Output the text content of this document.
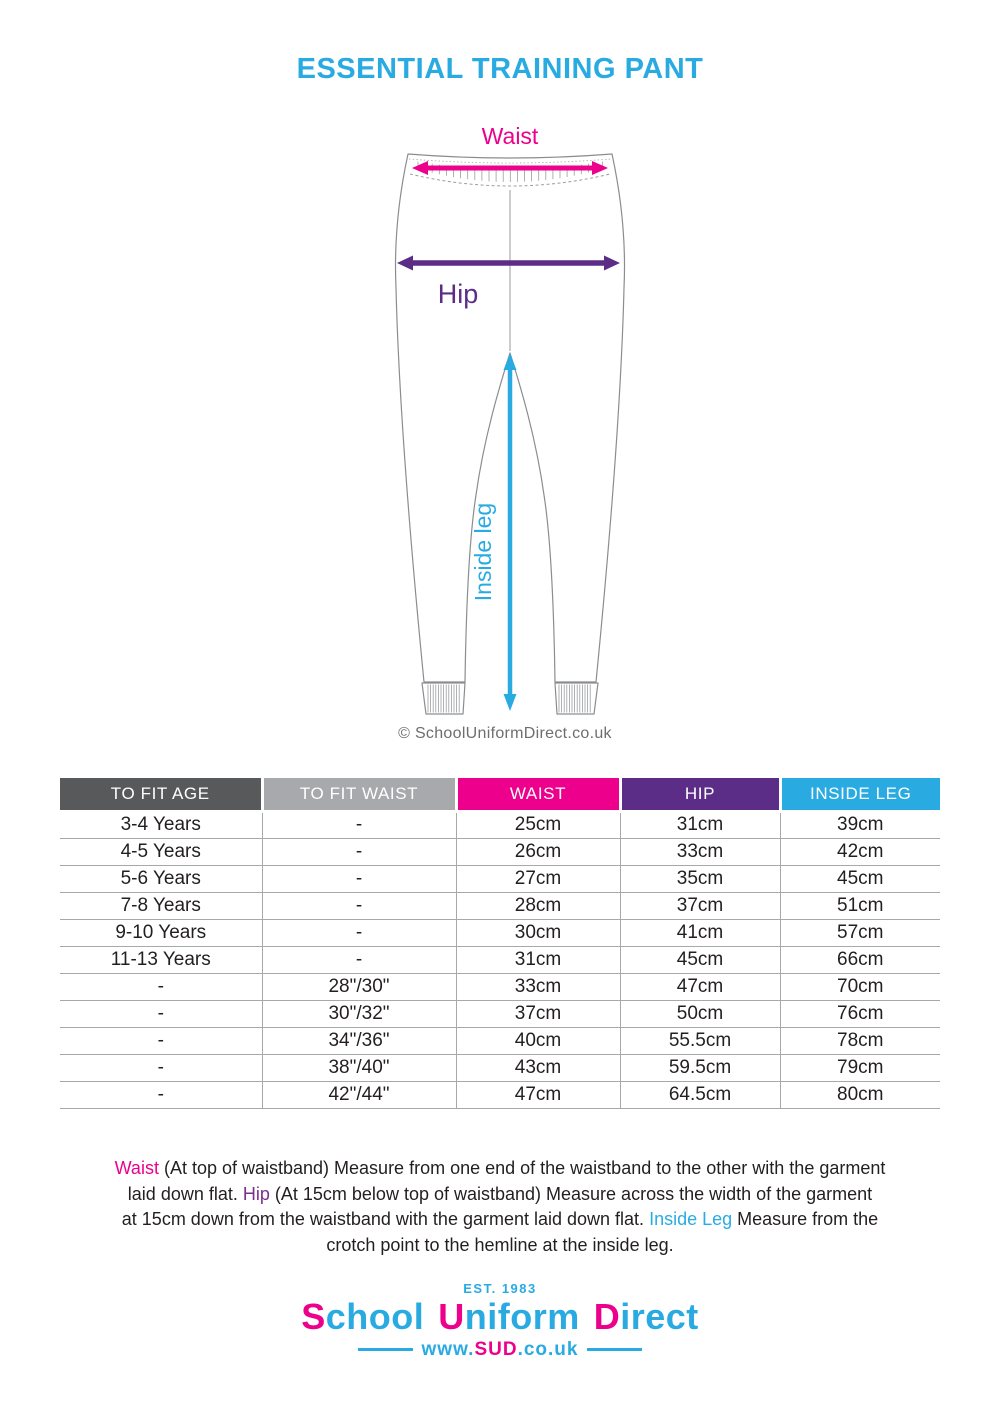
ESSENTIAL TRAINING PANT
Waist
Hip
Inside leg
© SchoolUniformDirect.co.uk
TO FIT AGE	TO FIT WAIST	WAIST	HIP	INSIDE LEG
3-4 Years	-	25cm	31cm	39cm
4-5 Years	-	26cm	33cm	42cm
5-6 Years	-	27cm	35cm	45cm
7-8 Years	-	28cm	37cm	51cm
9-10 Years	-	30cm	41cm	57cm
11-13 Years	-	31cm	45cm	66cm
-	28"/30"	33cm	47cm	70cm
-	30"/32"	37cm	50cm	76cm
-	34"/36"	40cm	55.5cm	78cm
-	38"/40"	43cm	59.5cm	79cm
-	42"/44"	47cm	64.5cm	80cm

Waist (At top of waistband) Measure from one end of the waistband to the other with the garment
laid down flat. Hip (At 15cm below top of waistband) Measure across the width of the garment
at 15cm down from the waistband with the garment laid down flat. Inside Leg Measure from the
crotch point to the hemline at the inside leg.

EST. 1983
School Uniform Direct
www.SUD.co.uk
